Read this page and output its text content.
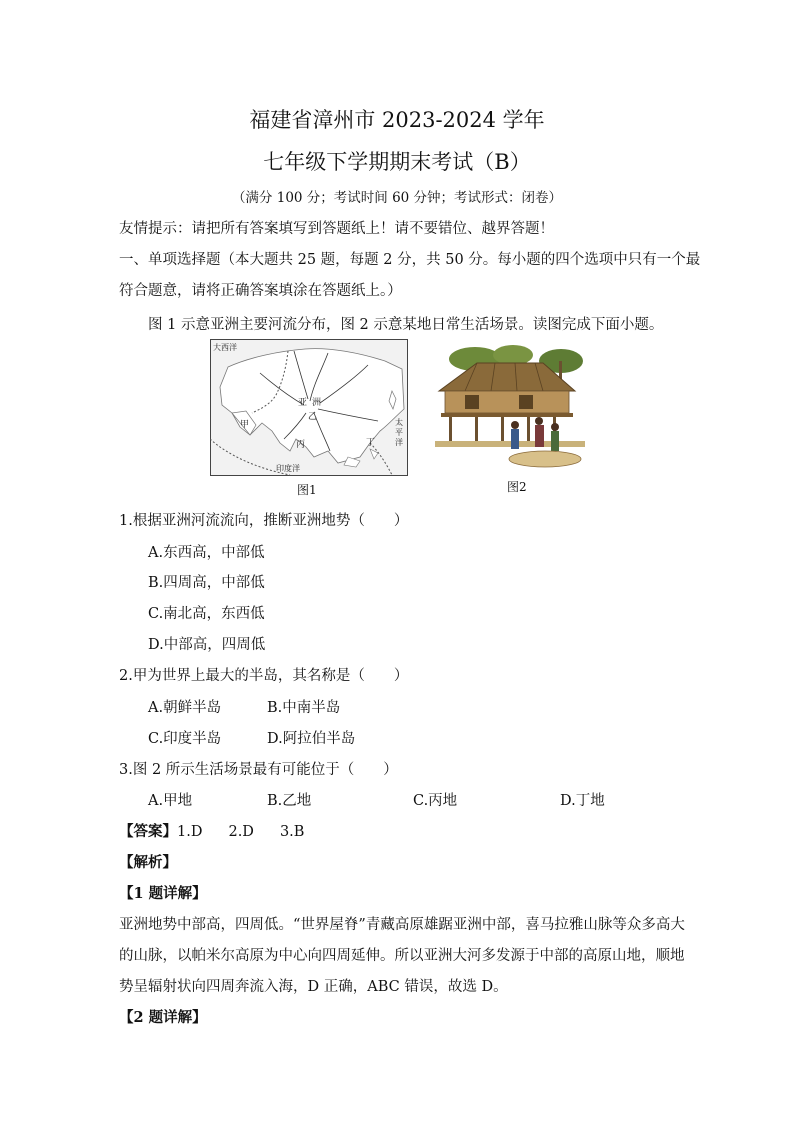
福建省漳州市 2023-2024 学年
七年级下学期期末考试（B）
（满分 100 分；考试时间 60 分钟；考试形式：闭卷）
友情提示：请把所有答案填写到答题纸上！请不要错位、越界答题！
一、单项选择题（本大题共 25 题，每题 2 分，共 50 分。每小题的四个选项中只有一个最
符合题意，请将正确答案填涂在答题纸上。）
图 1 示意亚洲主要河流分布，图 2 示意某地日常生活场景。读图完成下面小题。
大西洋
亚 洲
乙
甲
丙	丁
太
平
洋
印度洋
图1	图2
1.根据亚洲河流流向，推断亚洲地势（　　）
A.东西高，中部低
B.四周高，中部低
C.南北高，东西低
D.中部高，四周低
2.甲为世界上最大的半岛，其名称是（　　）
A.朝鲜半岛	B.中南半岛
C.印度半岛	D.阿拉伯半岛
3.图 2 所示生活场景最有可能位于（　　）
A.甲地	B.乙地	C.丙地	D.丁地
【答案】1.D 2.D 3.B
【解析】
【1 题详解】
亚洲地势中部高，四周低。“世界屋脊”青藏高原雄踞亚洲中部，喜马拉雅山脉等众多高大
的山脉，以帕米尔高原为中心向四周延伸。所以亚洲大河多发源于中部的高原山地，顺地
势呈辐射状向四周奔流入海，D 正确，ABC 错误，故选 D。
【2 题详解】
